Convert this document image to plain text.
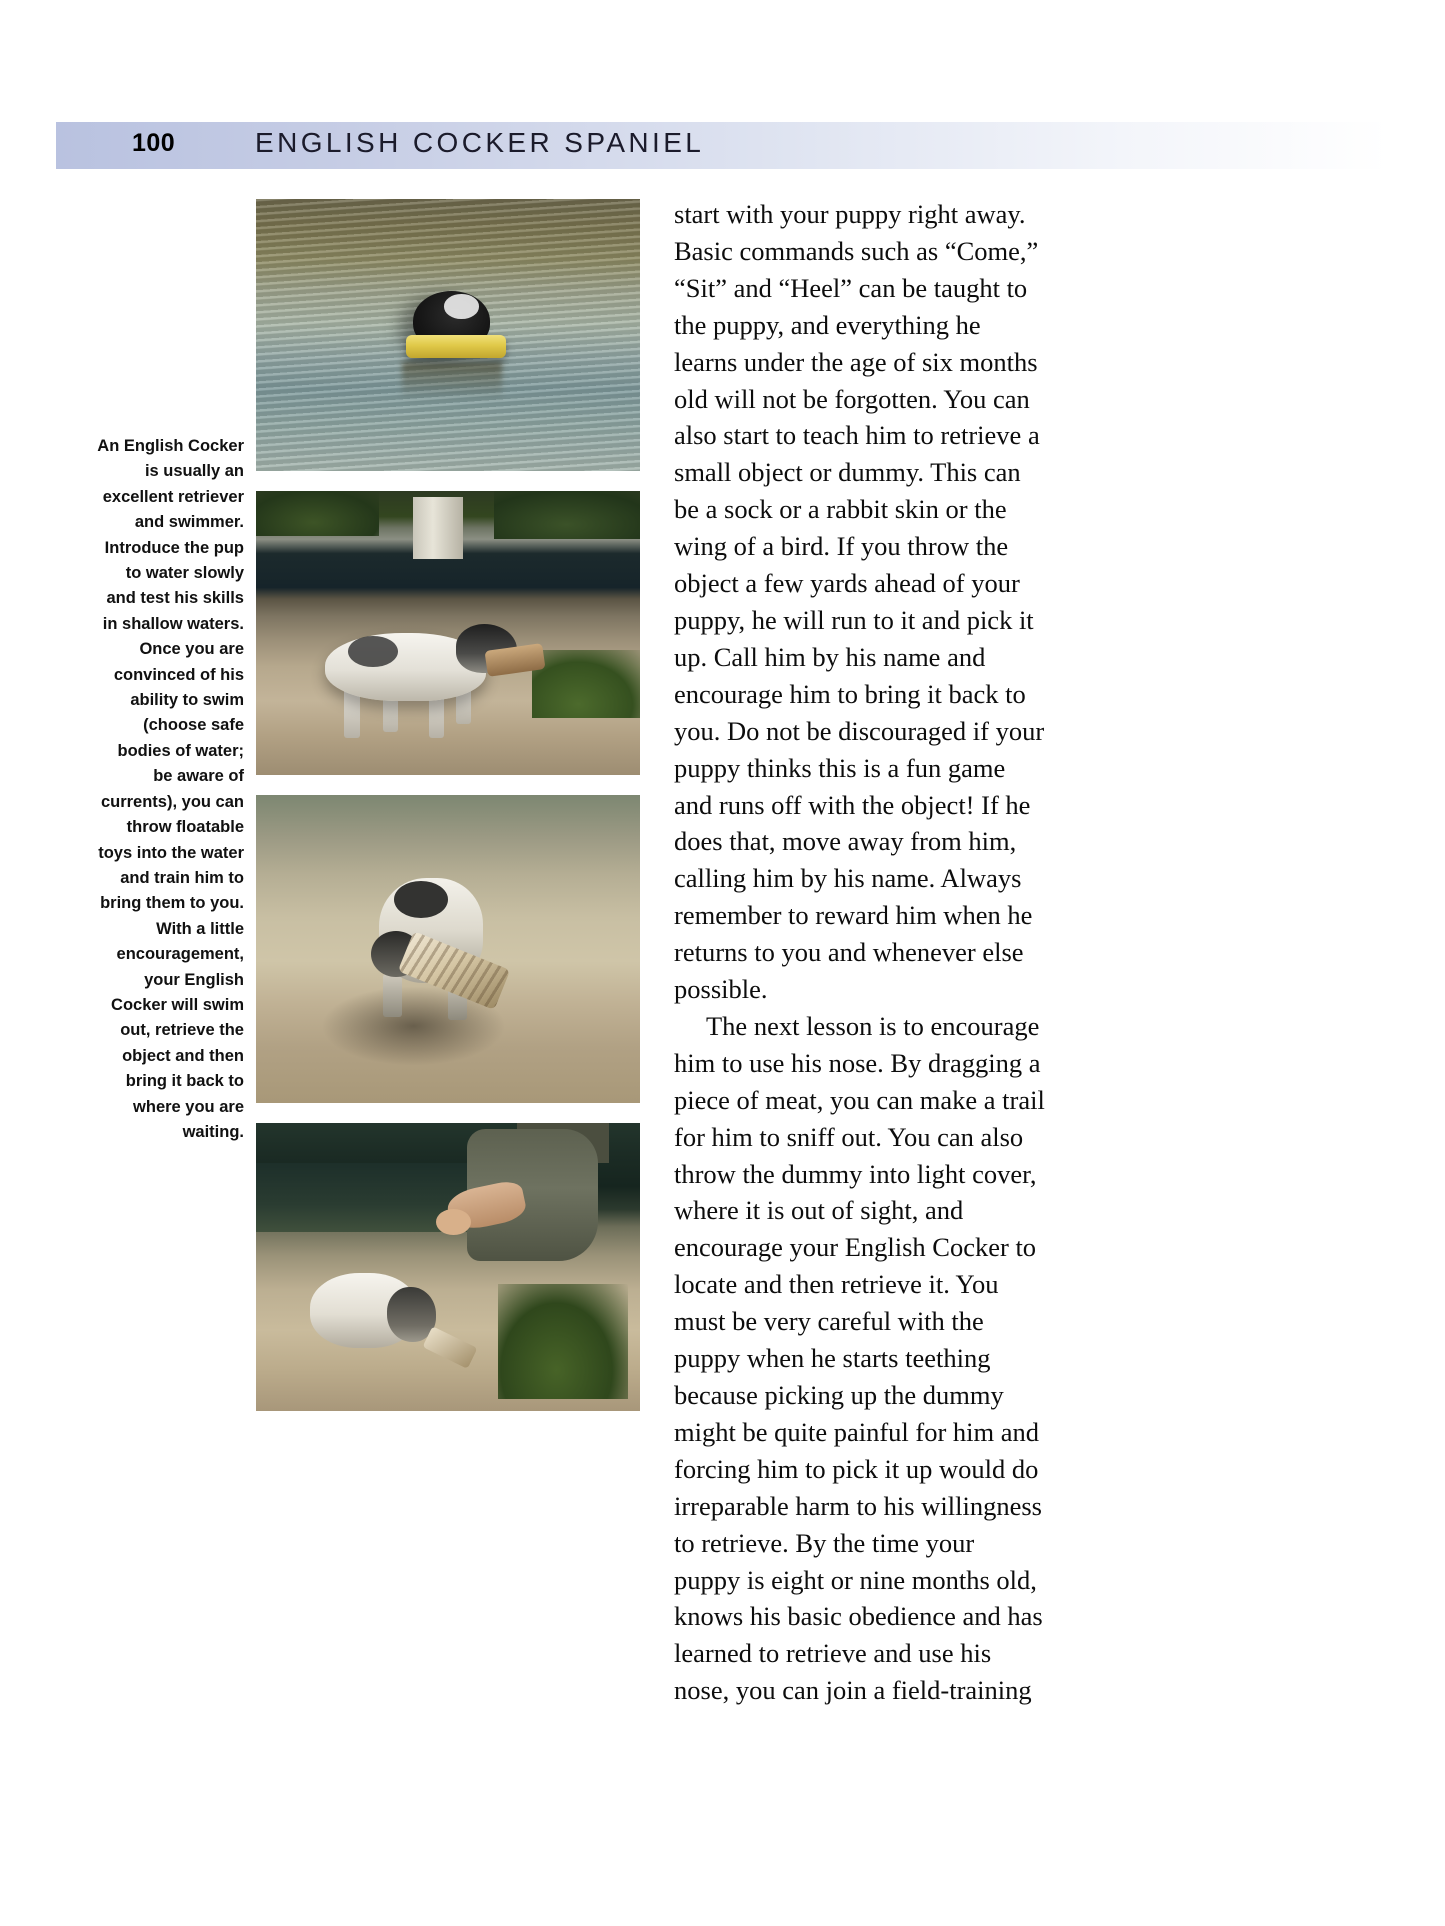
100	ENGLISH COCKER SPANIEL
An English Cocker is usually an excellent retriever and swimmer. Introduce the pup to water slowly and test his skills in shallow waters. Once you are convinced of his ability to swim (choose safe bodies of water; be aware of currents), you can throw floatable toys into the water and train him to bring them to you. With a little encouragement, your English Cocker will swim out, retrieve the object and then bring it back to where you are waiting.

start with your puppy right away. Basic commands such as “Come,” “Sit” and “Heel” can be taught to the puppy, and everything he learns under the age of six months old will not be forgotten. You can also start to teach him to retrieve a small object or dummy. This can be a sock or a rabbit skin or the wing of a bird. If you throw the object a few yards ahead of your puppy, he will run to it and pick it up. Call him by his name and encourage him to bring it back to you. Do not be discouraged if your puppy thinks this is a fun game and runs off with the object! If he does that, move away from him, calling him by his name. Always remember to reward him when he returns to you and whenever else possible.

The next lesson is to encourage him to use his nose. By dragging a piece of meat, you can make a trail for him to sniff out. You can also throw the dummy into light cover, where it is out of sight, and encourage your English Cocker to locate and then retrieve it. You must be very careful with the puppy when he starts teething because picking up the dummy might be quite painful for him and forcing him to pick it up would do irreparable harm to his willingness to retrieve. By the time your puppy is eight or nine months old, knows his basic obedience and has learned to retrieve and use his nose, you can join a field-training
